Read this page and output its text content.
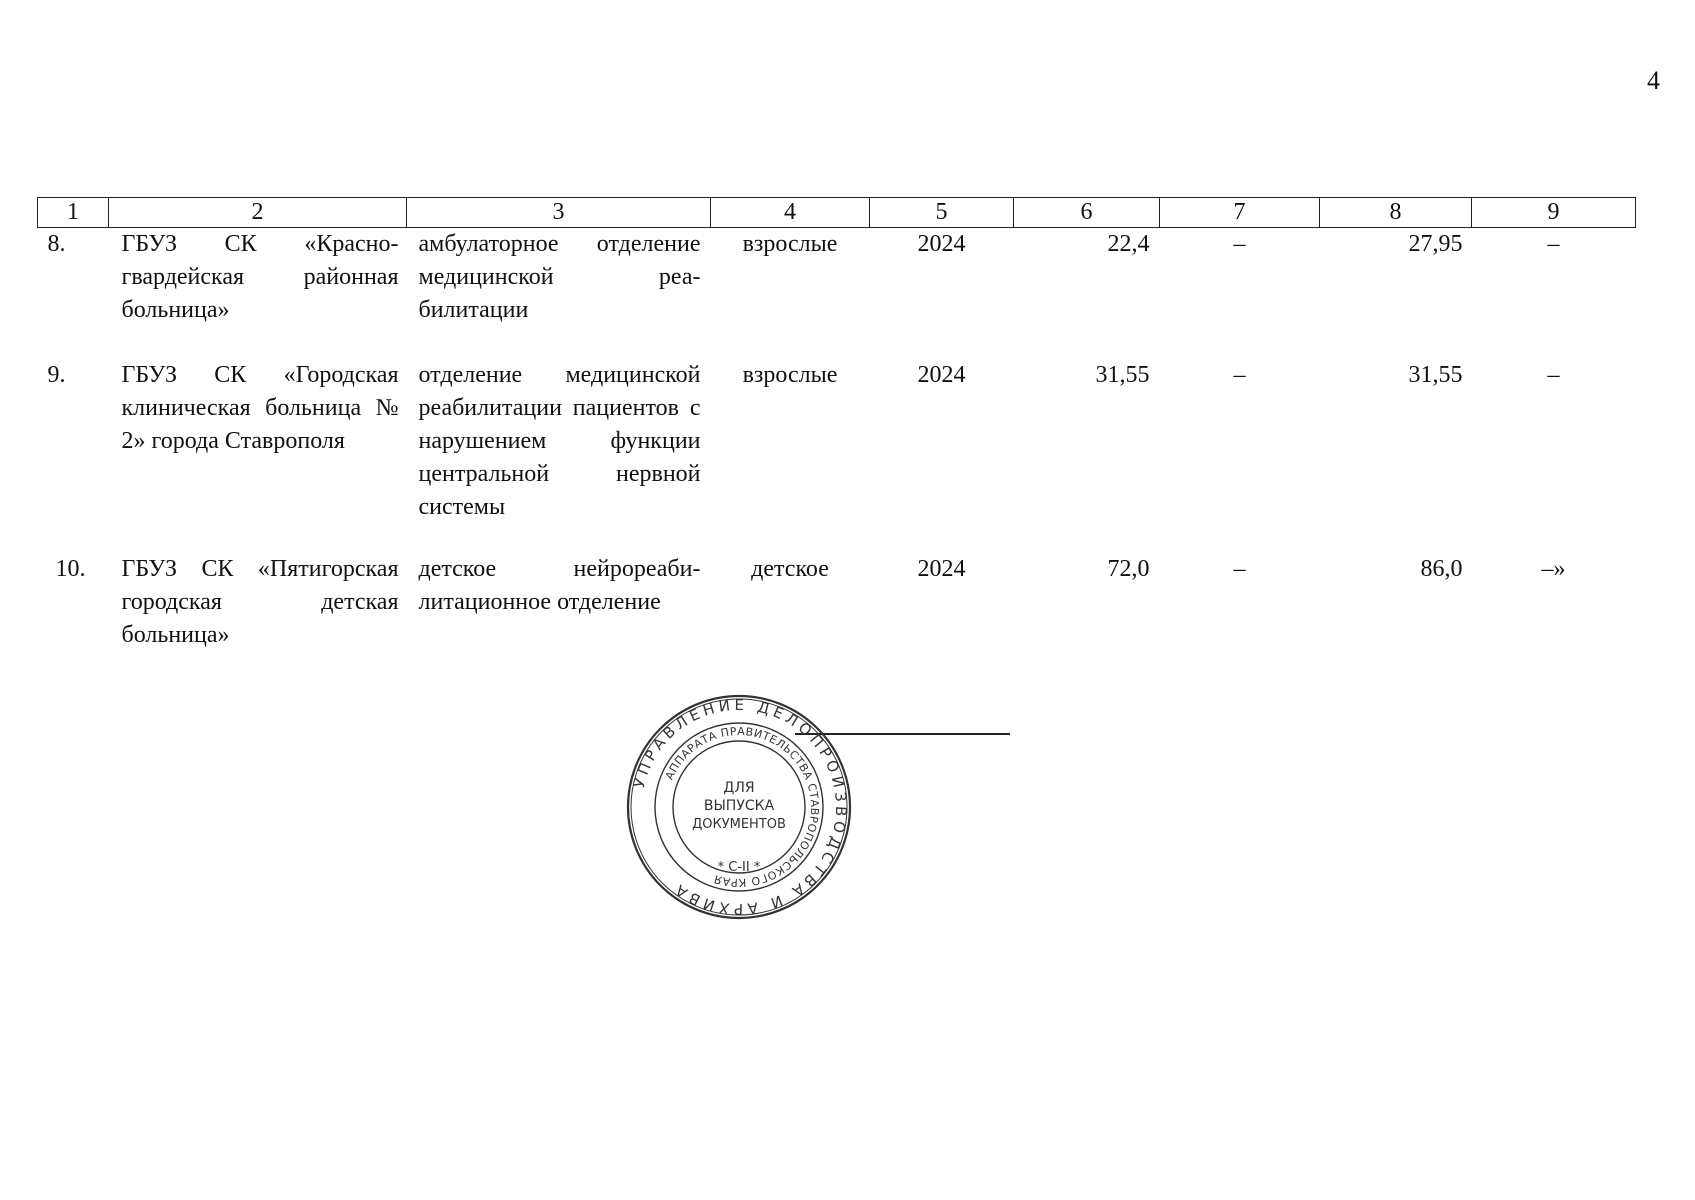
4
1	2	3	4	5	6	7	8	9
8.	ГБУЗ СК «Красногвардейская районная больница»	амбулаторное отделение медицинской реабилитации	взрослые	2024	22,4	–	27,95	–
9.	ГБУЗ СК «Городская клиническая больница № 2» города Ставрополя	отделение медицинской реабилитации пациентов с нарушением функции центральной нервной системы	взрослые	2024	31,55	–	31,55	–
10.	ГБУЗ СК «Пятигорская городская детская больница»	детское нейрореабилитационное отделение	детское	2024	72,0	–	86,0	–»
УПРАВЛЕНИЕ ДЕЛОПРОИЗВОДСТВА И АРХИВА
АППАРАТА ПРАВИТЕЛЬСТВА СТАВРОПОЛЬСКОГО КРАЯ
ДЛЯ
ВЫПУСКА
ДОКУМЕНТОВ
* С-II *
